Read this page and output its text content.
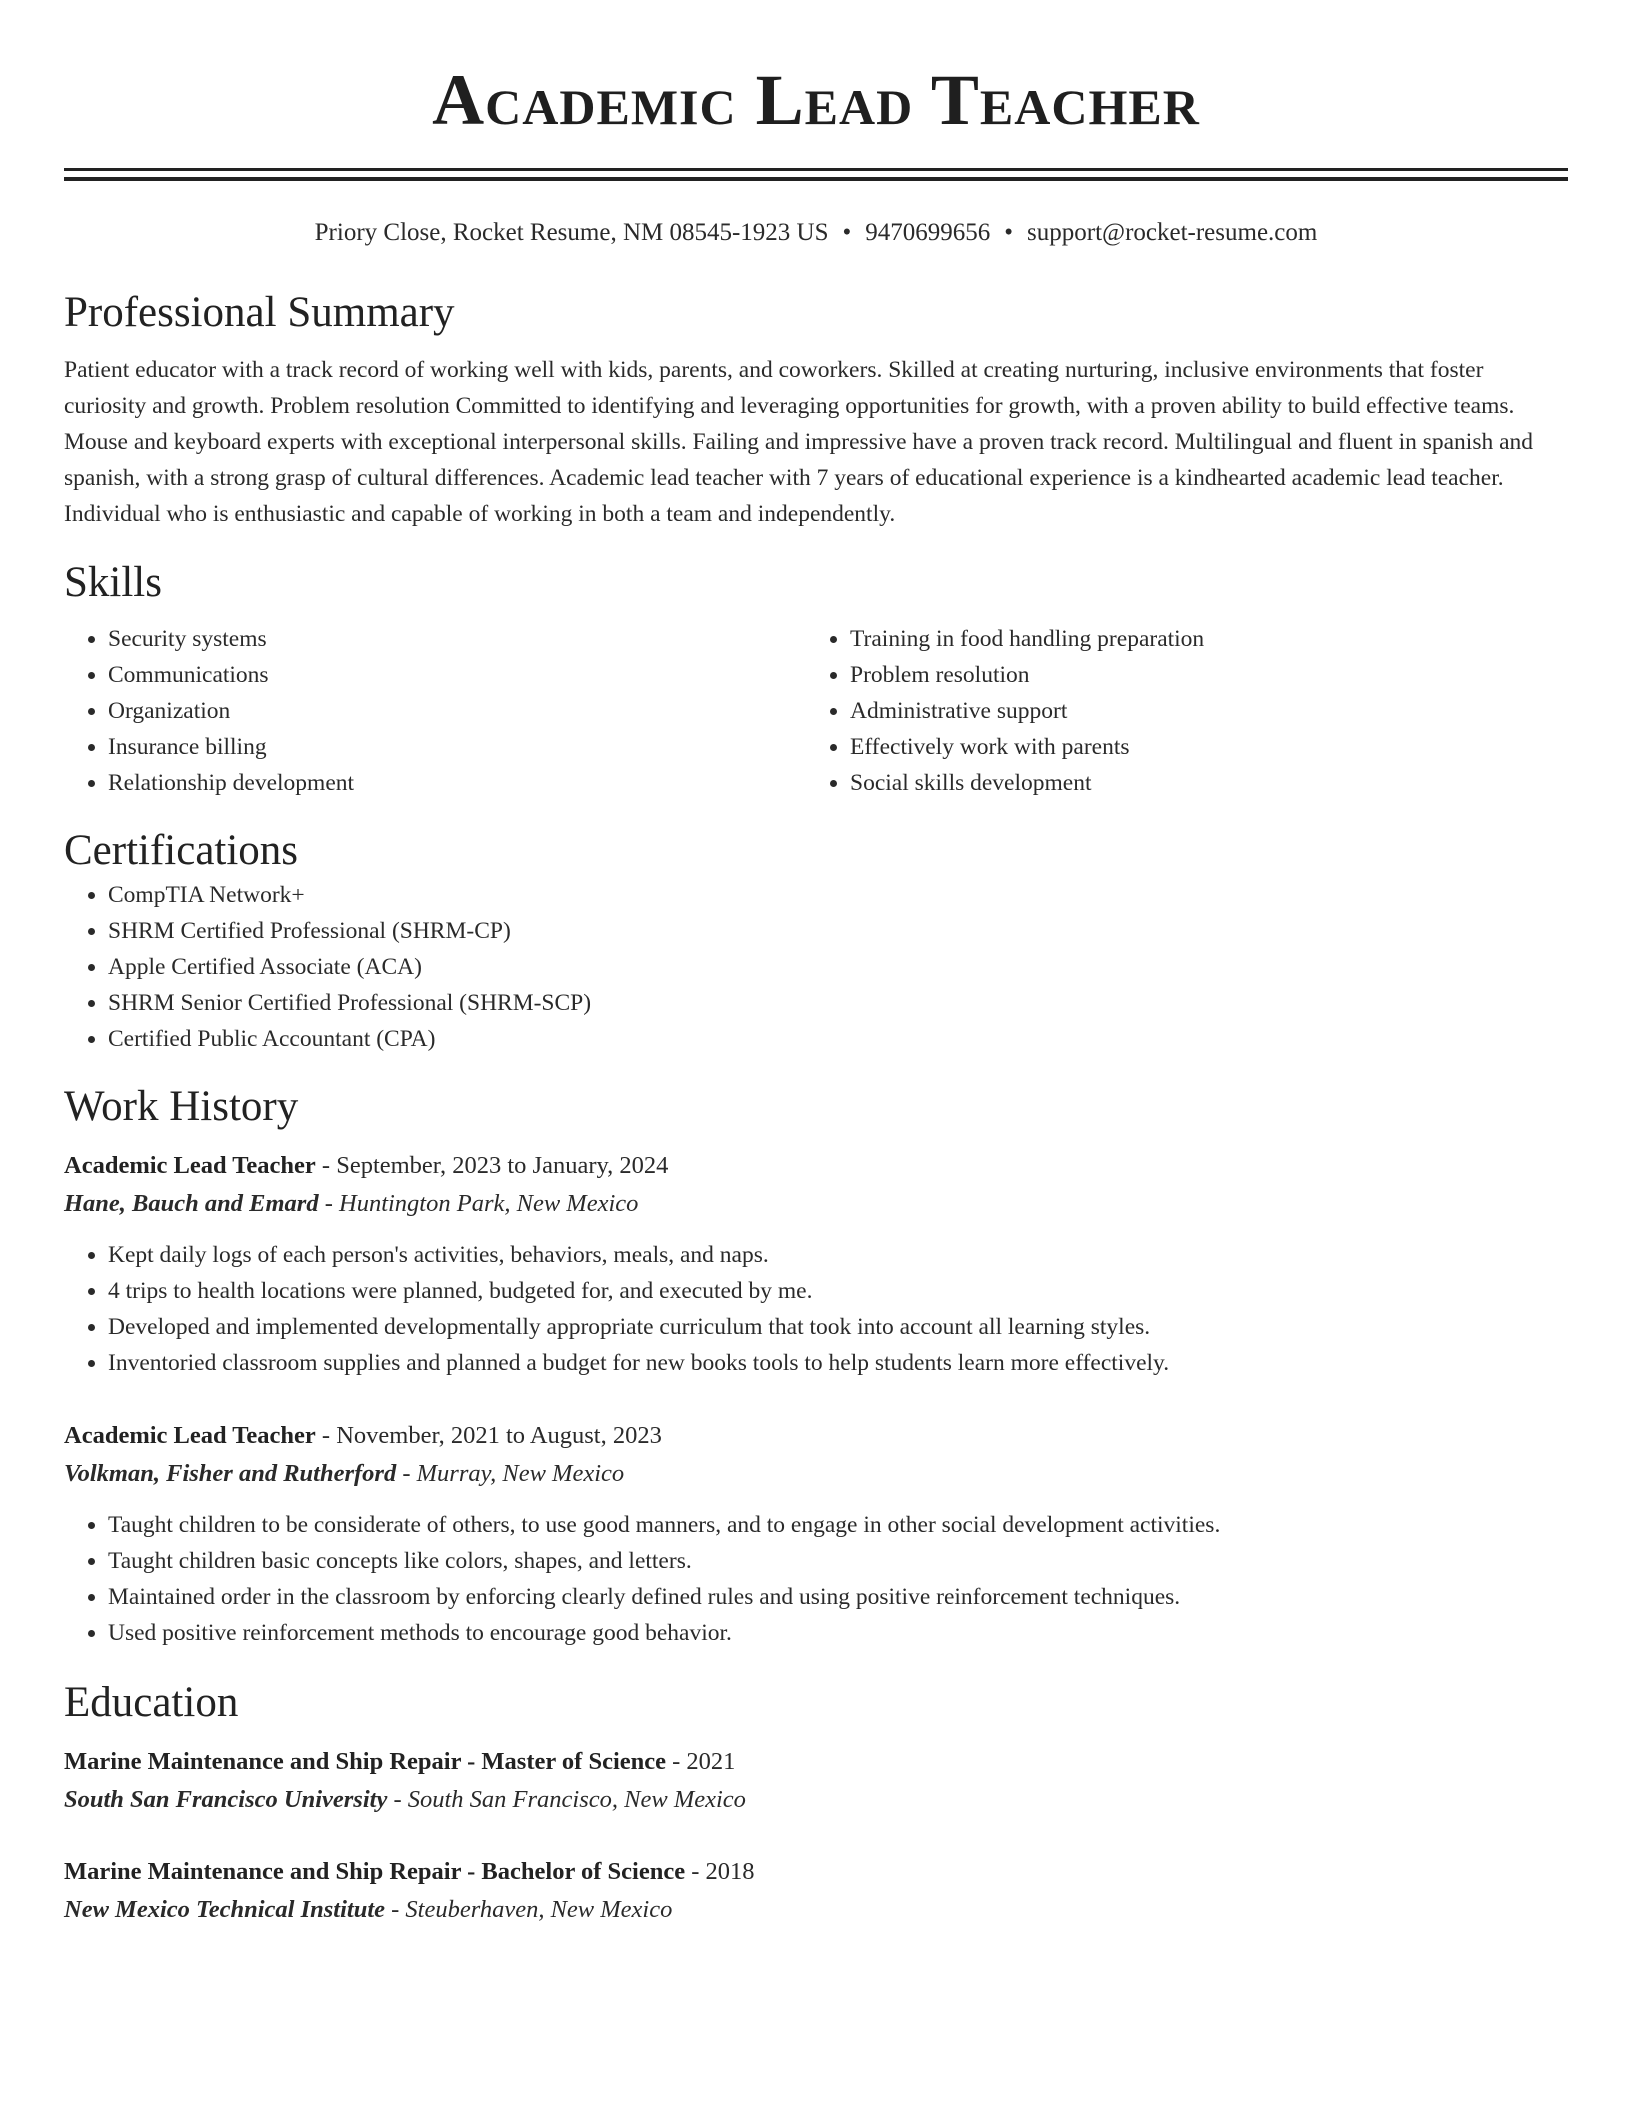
Academic Lead Teacher
Priory Close, Rocket Resume, NM 08545-1923 US • 9470699656 • support@rocket-resume.com
Professional Summary
Patient educator with a track record of working well with kids, parents, and coworkers. Skilled at creating nurturing, inclusive environments that foster curiosity and growth. Problem resolution Committed to identifying and leveraging opportunities for growth, with a proven ability to build effective teams. Mouse and keyboard experts with exceptional interpersonal skills. Failing and impressive have a proven track record. Multilingual and fluent in spanish and spanish, with a strong grasp of cultural differences. Academic lead teacher with 7 years of educational experience is a kindhearted academic lead teacher. Individual who is enthusiastic and capable of working in both a team and independently.
Skills
• Security systems
• Communications
• Organization
• Insurance billing
• Relationship development
• Training in food handling preparation
• Problem resolution
• Administrative support
• Effectively work with parents
• Social skills development
Certifications
• CompTIA Network+
• SHRM Certified Professional (SHRM-CP)
• Apple Certified Associate (ACA)
• SHRM Senior Certified Professional (SHRM-SCP)
• Certified Public Accountant (CPA)
Work History
Academic Lead Teacher - September, 2023 to January, 2024
Hane, Bauch and Emard - Huntington Park, New Mexico
• Kept daily logs of each person's activities, behaviors, meals, and naps.
• 4 trips to health locations were planned, budgeted for, and executed by me.
• Developed and implemented developmentally appropriate curriculum that took into account all learning styles.
• Inventoried classroom supplies and planned a budget for new books tools to help students learn more effectively.
Academic Lead Teacher - November, 2021 to August, 2023
Volkman, Fisher and Rutherford - Murray, New Mexico
• Taught children to be considerate of others, to use good manners, and to engage in other social development activities.
• Taught children basic concepts like colors, shapes, and letters.
• Maintained order in the classroom by enforcing clearly defined rules and using positive reinforcement techniques.
• Used positive reinforcement methods to encourage good behavior.
Education
Marine Maintenance and Ship Repair - Master of Science - 2021
South San Francisco University - South San Francisco, New Mexico
Marine Maintenance and Ship Repair - Bachelor of Science - 2018
New Mexico Technical Institute - Steuberhaven, New Mexico
